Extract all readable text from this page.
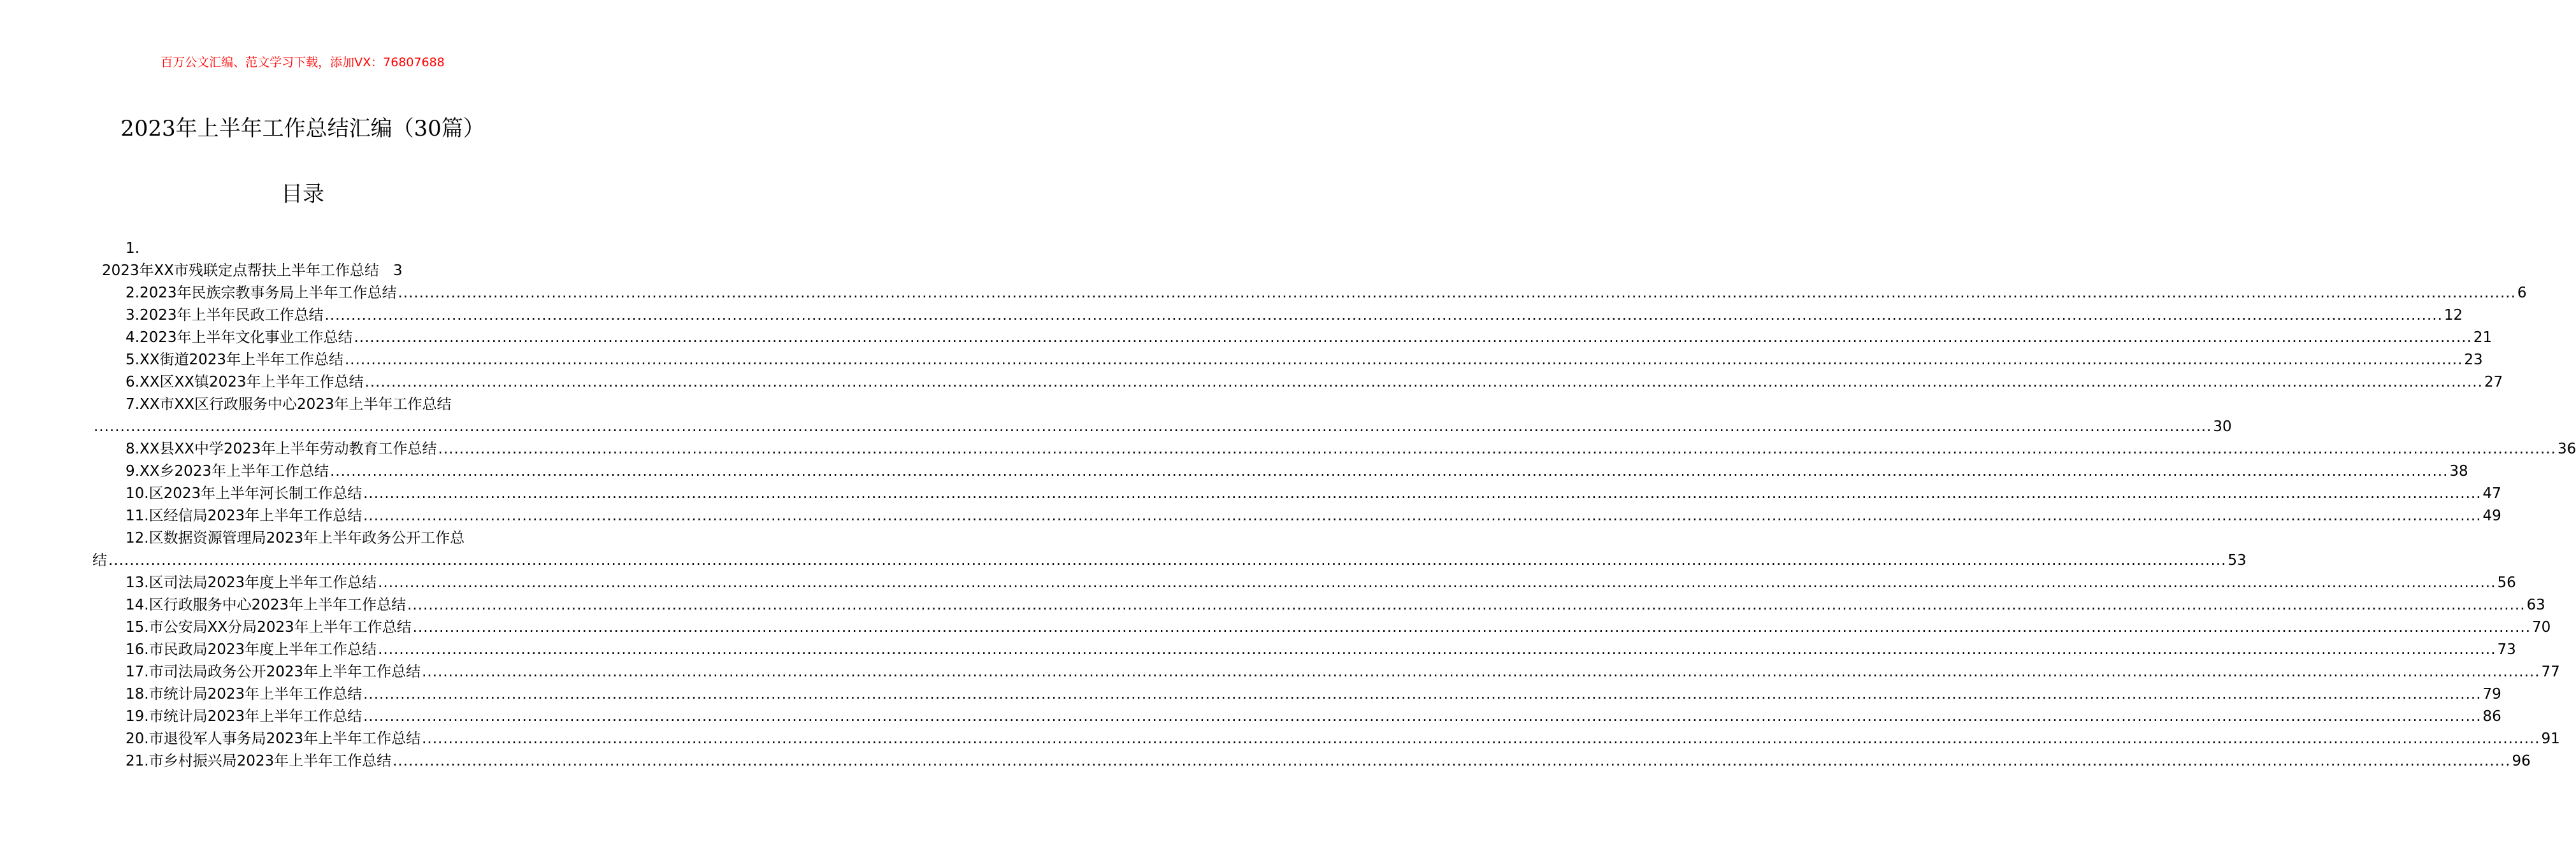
百万公文汇编、范文学习下载，添加VX：76807688
2023年上半年工作总结汇编（30篇）
目录
1.
2023年XX市残联定点帮扶上半年工作总结 3
2.2023年民族宗教事务局上半年工作总结 ................................................................................................................................................................................................................................................................................................................................................................................................................ 6
3.2023年上半年民政工作总结 ................................................................................................................................................................................................................................................................................................................................................................................................................ 12
4.2023年上半年文化事业工作总结 ................................................................................................................................................................................................................................................................................................................................................................................................................ 21
5.XX街道2023年上半年工作总结 ................................................................................................................................................................................................................................................................................................................................................................................................................ 23
6.XX区XX镇2023年上半年工作总结 ................................................................................................................................................................................................................................................................................................................................................................................................................ 27
7.XX市XX区行政服务中心2023年上半年工作总结
................................................................................................................................................................................................................................................................................................................................................................................................................ 30
8.XX县XX中学2023年上半年劳动教育工作总结 ................................................................................................................................................................................................................................................................................................................................................................................................................ 36
9.XX乡2023年上半年工作总结 ................................................................................................................................................................................................................................................................................................................................................................................................................ 38
10.区2023年上半年河长制工作总结 ................................................................................................................................................................................................................................................................................................................................................................................................................ 47
11.区经信局2023年上半年工作总结 ................................................................................................................................................................................................................................................................................................................................................................................................................ 49
12.区数据资源管理局2023年上半年政务公开工作总
结 ................................................................................................................................................................................................................................................................................................................................................................................................................ 53
13.区司法局2023年度上半年工作总结 ................................................................................................................................................................................................................................................................................................................................................................................................................ 56
14.区行政服务中心2023年上半年工作总结 ................................................................................................................................................................................................................................................................................................................................................................................................................ 63
15.市公安局XX分局2023年上半年工作总结 ................................................................................................................................................................................................................................................................................................................................................................................................................ 70
16.市民政局2023年度上半年工作总结 ................................................................................................................................................................................................................................................................................................................................................................................................................ 73
17.市司法局政务公开2023年上半年工作总结 ................................................................................................................................................................................................................................................................................................................................................................................................................ 77
18.市统计局2023年上半年工作总结 ................................................................................................................................................................................................................................................................................................................................................................................................................ 79
19.市统计局2023年上半年工作总结 ................................................................................................................................................................................................................................................................................................................................................................................................................ 86
20.市退役军人事务局2023年上半年工作总结 ................................................................................................................................................................................................................................................................................................................................................................................................................ 91
21.市乡村振兴局2023年上半年工作总结 ................................................................................................................................................................................................................................................................................................................................................................................................................ 96
